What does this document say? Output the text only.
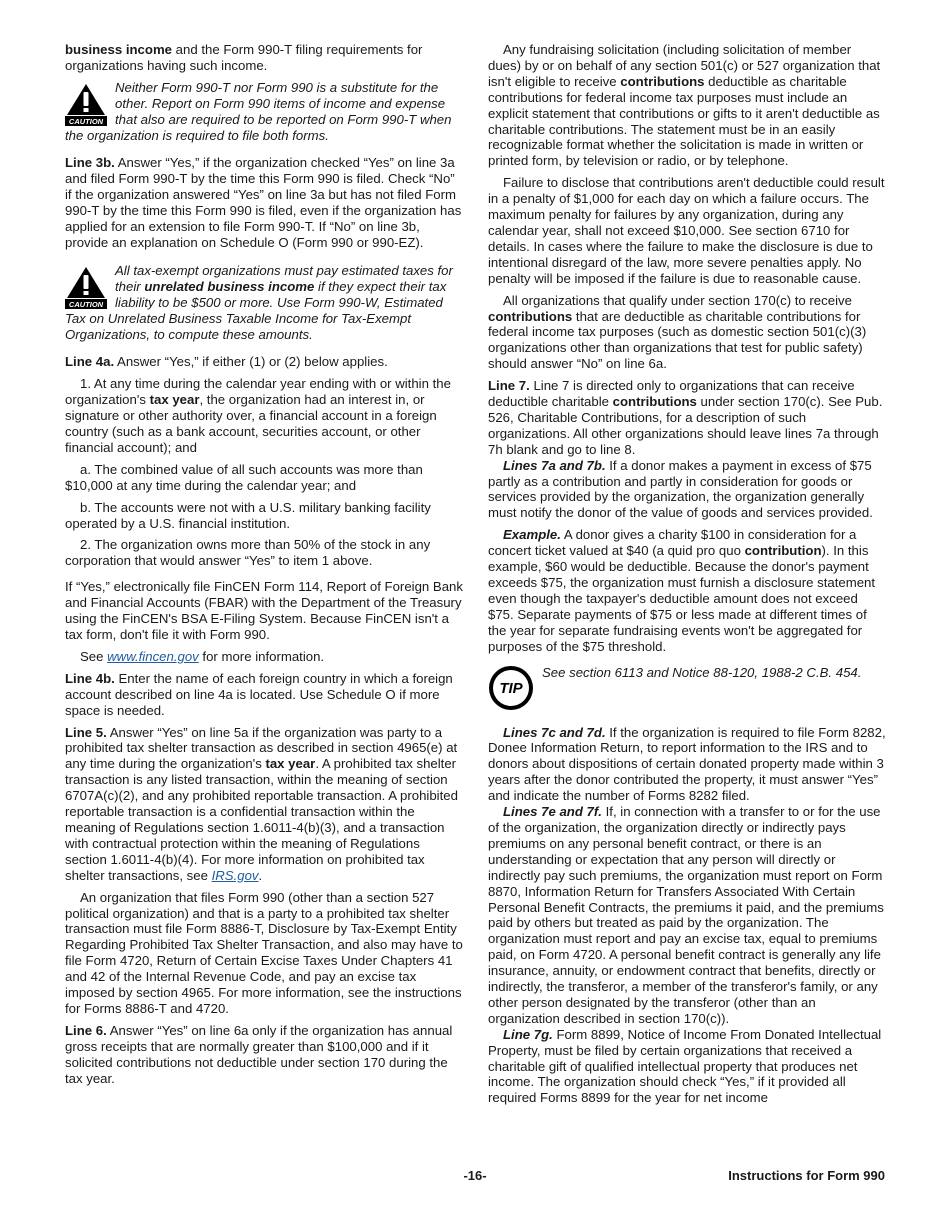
business income and the Form 990-T filing requirements for organizations having such income.

CAUTION
Neither Form 990-T nor Form 990 is a substitute for the other. Report on Form 990 items of income and expense that also are required to be reported on Form 990-T when the organization is required to file both forms.

Line 3b. Answer “Yes,” if the organization checked “Yes” on line 3a and filed Form 990-T by the time this Form 990 is filed. Check “No” if the organization answered “Yes” on line 3a but has not filed Form 990-T by the time this Form 990 is filed, even if the organization has applied for an extension to file Form 990-T. If “No” on line 3b, provide an explanation on Schedule O (Form 990 or 990-EZ).

CAUTION
All tax-exempt organizations must pay estimated taxes for their unrelated business income if they expect their tax liability to be $500 or more. Use Form 990-W, Estimated Tax on Unrelated Business Taxable Income for Tax-Exempt Organizations, to compute these amounts.

Line 4a. Answer “Yes,” if either (1) or (2) below applies.

1. At any time during the calendar year ending with or within the organization's tax year, the organization had an interest in, or signature or other authority over, a financial account in a foreign country (such as a bank account, securities account, or other financial account); and

a. The combined value of all such accounts was more than $10,000 at any time during the calendar year; and

b. The accounts were not with a U.S. military banking facility operated by a U.S. financial institution.

2. The organization owns more than 50% of the stock in any corporation that would answer “Yes” to item 1 above.

If “Yes,” electronically file FinCEN Form 114, Report of Foreign Bank and Financial Accounts (FBAR) with the Department of the Treasury using the FinCEN's BSA E-Filing System. Because FinCEN isn't a tax form, don't file it with Form 990.

See www.fincen.gov for more information.

Line 4b. Enter the name of each foreign country in which a foreign account described on line 4a is located. Use Schedule O if more space is needed.

Line 5. Answer “Yes” on line 5a if the organization was party to a prohibited tax shelter transaction as described in section 4965(e) at any time during the organization's tax year. A prohibited tax shelter transaction is any listed transaction, within the meaning of section 6707A(c)(2), and any prohibited reportable transaction. A prohibited reportable transaction is a confidential transaction within the meaning of Regulations section 1.6011-4(b)(3), and a transaction with contractual protection within the meaning of Regulations section 1.6011-4(b)(4). For more information on prohibited tax shelter transactions, see IRS.gov.

An organization that files Form 990 (other than a section 527 political organization) and that is a party to a prohibited tax shelter transaction must file Form 8886-T, Disclosure by Tax-Exempt Entity Regarding Prohibited Tax Shelter Transaction, and also may have to file Form 4720, Return of Certain Excise Taxes Under Chapters 41 and 42 of the Internal Revenue Code, and pay an excise tax imposed by section 4965. For more information, see the instructions for Forms 8886-T and 4720.

Line 6. Answer “Yes” on line 6a only if the organization has annual gross receipts that are normally greater than $100,000 and if it solicited contributions not deductible under section 170 during the tax year.

Any fundraising solicitation (including solicitation of member dues) by or on behalf of any section 501(c) or 527 organization that isn't eligible to receive contributions deductible as charitable contributions for federal income tax purposes must include an explicit statement that contributions or gifts to it aren't deductible as charitable contributions. The statement must be in an easily recognizable format whether the solicitation is made in written or printed form, by television or radio, or by telephone.

Failure to disclose that contributions aren't deductible could result in a penalty of $1,000 for each day on which a failure occurs. The maximum penalty for failures by any organization, during any calendar year, shall not exceed $10,000. See section 6710 for details. In cases where the failure to make the disclosure is due to intentional disregard of the law, more severe penalties apply. No penalty will be imposed if the failure is due to reasonable cause.

All organizations that qualify under section 170(c) to receive contributions that are deductible as charitable contributions for federal income tax purposes (such as domestic section 501(c)(3) organizations other than organizations that test for public safety) should answer “No” on line 6a.

Line 7. Line 7 is directed only to organizations that can receive deductible charitable contributions under section 170(c). See Pub. 526, Charitable Contributions, for a description of such organizations. All other organizations should leave lines 7a through 7h blank and go to line 8.

Lines 7a and 7b. If a donor makes a payment in excess of $75 partly as a contribution and partly in consideration for goods or services provided by the organization, the organization generally must notify the donor of the value of goods and services provided.

Example. A donor gives a charity $100 in consideration for a concert ticket valued at $40 (a quid pro quo contribution). In this example, $60 would be deductible. Because the donor's payment exceeds $75, the organization must furnish a disclosure statement even though the taxpayer's deductible amount does not exceed $75. Separate payments of $75 or less made at different times of the year for separate fundraising events won't be aggregated for purposes of the $75 threshold.

TIP
See section 6113 and Notice 88-120, 1988-2 C.B. 454.

Lines 7c and 7d. If the organization is required to file Form 8282, Donee Information Return, to report information to the IRS and to donors about dispositions of certain donated property made within 3 years after the donor contributed the property, it must answer “Yes” and indicate the number of Forms 8282 filed.

Lines 7e and 7f. If, in connection with a transfer to or for the use of the organization, the organization directly or indirectly pays premiums on any personal benefit contract, or there is an understanding or expectation that any person will directly or indirectly pay such premiums, the organization must report on Form 8870, Information Return for Transfers Associated With Certain Personal Benefit Contracts, the premiums it paid, and the premiums paid by others but treated as paid by the organization. The organization must report and pay an excise tax, equal to premiums paid, on Form 4720. A personal benefit contract is generally any life insurance, annuity, or endowment contract that benefits, directly or indirectly, the transferor, a member of the transferor's family, or any other person designated by the transferor (other than an organization described in section 170(c)).

Line 7g. Form 8899, Notice of Income From Donated Intellectual Property, must be filed by certain organizations that received a charitable gift of qualified intellectual property that produces net income. The organization should check “Yes,” if it provided all required Forms 8899 for the year for net income

-16-	Instructions for Form 990
